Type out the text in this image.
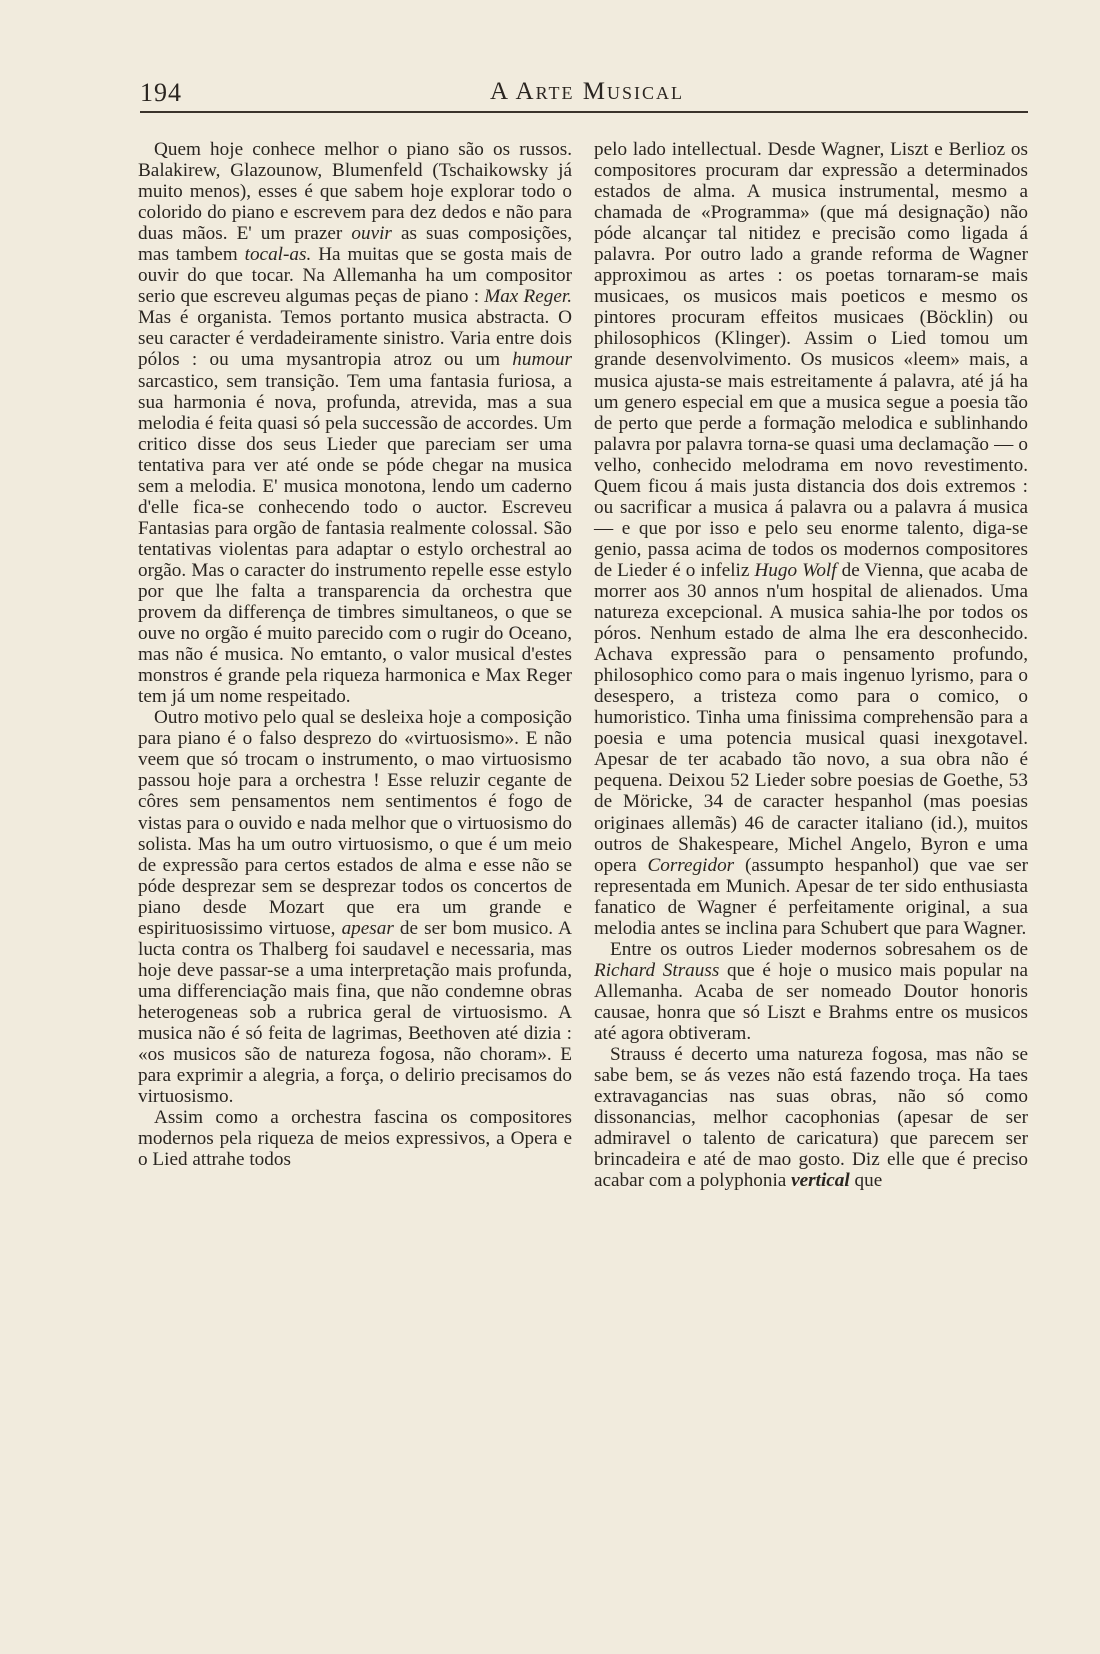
194	A Arte Musical

Quem hoje conhece melhor o piano são os russos. Balakirew, Glazounow, Blumenfeld (Tschaikowsky já muito menos), esses é que sabem hoje explorar todo o colorido do piano e escrevem para dez dedos e não para duas mãos. E' um prazer ouvir as suas composições, mas tambem tocal-as. Ha muitas que se gosta mais de ouvir do que tocar. Na Allemanha ha um compositor serio que escreveu algumas peças de piano : Max Reger. Mas é organista. Temos portanto musica abstracta. O seu caracter é verdadeiramente sinistro. Varia entre dois pólos : ou uma mysantropia atroz ou um humour sarcastico, sem transição. Tem uma fantasia furiosa, a sua harmonia é nova, profunda, atrevida, mas a sua melodia é feita quasi só pela successão de accordes. Um critico disse dos seus Lieder que pareciam ser uma tentativa para ver até onde se póde chegar na musica sem a melodia. E' musica monotona, lendo um caderno d'elle fica-se conhecendo todo o auctor. Escreveu Fantasias para orgão de fantasia realmente colossal. São tentativas violentas para adaptar o estylo orchestral ao orgão. Mas o caracter do instrumento repelle esse estylo por que lhe falta a transparencia da orchestra que provem da differença de timbres simultaneos, o que se ouve no orgão é muito parecido com o rugir do Oceano, mas não é musica. No emtanto, o valor musical d'estes monstros é grande pela riqueza harmonica e Max Reger tem já um nome respeitado.

Outro motivo pelo qual se desleixa hoje a composição para piano é o falso desprezo do «virtuosismo». E não veem que só trocam o instrumento, o mao virtuosismo passou hoje para a orchestra ! Esse reluzir cegante de côres sem pensamentos nem sentimentos é fogo de vistas para o ouvido e nada melhor que o virtuosismo do solista. Mas ha um outro virtuosismo, o que é um meio de expressão para certos estados de alma e esse não se póde desprezar sem se desprezar todos os concertos de piano desde Mozart que era um grande e espirituosissimo virtuose, apesar de ser bom musico. A lucta contra os Thalberg foi saudavel e necessaria, mas hoje deve passar-se a uma interpretação mais profunda, uma differenciação mais fina, que não condemne obras heterogeneas sob a rubrica geral de virtuosismo. A musica não é só feita de lagrimas, Beethoven até dizia : «os musicos são de natureza fogosa, não choram». E para exprimir a alegria, a força, o delirio precisamos do virtuosismo.

Assim como a orchestra fascina os compositores modernos pela riqueza de meios expressivos, a Opera e o Lied attrahe todos

pelo lado intellectual. Desde Wagner, Liszt e Berlioz os compositores procuram dar expressão a determinados estados de alma. A musica instrumental, mesmo a chamada de «Programma» (que má designação) não póde alcançar tal nitidez e precisão como ligada á palavra. Por outro lado a grande reforma de Wagner approximou as artes : os poetas tornaram-se mais musicaes, os musicos mais poeticos e mesmo os pintores procuram effeitos musicaes (Böcklin) ou philosophicos (Klinger). Assim o Lied tomou um grande desenvolvimento. Os musicos «leem» mais, a musica ajusta-se mais estreitamente á palavra, até já ha um genero especial em que a musica segue a poesia tão de perto que perde a formação melodica e sublinhando palavra por palavra torna-se quasi uma declamação — o velho, conhecido melodrama em novo revestimento. Quem ficou á mais justa distancia dos dois extremos : ou sacrificar a musica á palavra ou a palavra á musica — e que por isso e pelo seu enorme talento, diga-se genio, passa acima de todos os modernos compositores de Lieder é o infeliz Hugo Wolf de Vienna, que acaba de morrer aos 30 annos n'um hospital de alienados. Uma natureza excepcional. A musica sahia-lhe por todos os póros. Nenhum estado de alma lhe era desconhecido. Achava expressão para o pensamento profundo, philosophico como para o mais ingenuo lyrismo, para o desespero, a tristeza como para o comico, o humoristico. Tinha uma finissima comprehensão para a poesia e uma potencia musical quasi inexgotavel. Apesar de ter acabado tão novo, a sua obra não é pequena. Deixou 52 Lieder sobre poesias de Goethe, 53 de Möricke, 34 de caracter hespanhol (mas poesias originaes allemãs) 46 de caracter italiano (id.), muitos outros de Shakespeare, Michel Angelo, Byron e uma opera Corregidor (assumpto hespanhol) que vae ser representada em Munich. Apesar de ter sido enthusiasta fanatico de Wagner é perfeitamente original, a sua melodia antes se inclina para Schubert que para Wagner.

Entre os outros Lieder modernos sobresahem os de Richard Strauss que é hoje o musico mais popular na Allemanha. Acaba de ser nomeado Doutor honoris causae, honra que só Liszt e Brahms entre os musicos até agora obtiveram.

Strauss é decerto uma natureza fogosa, mas não se sabe bem, se ás vezes não está fazendo troça. Ha taes extravagancias nas suas obras, não só como dissonancias, melhor cacophonias (apesar de ser admiravel o talento de caricatura) que parecem ser brincadeira e até de mao gosto. Diz elle que é preciso acabar com a polyphonia vertical que
